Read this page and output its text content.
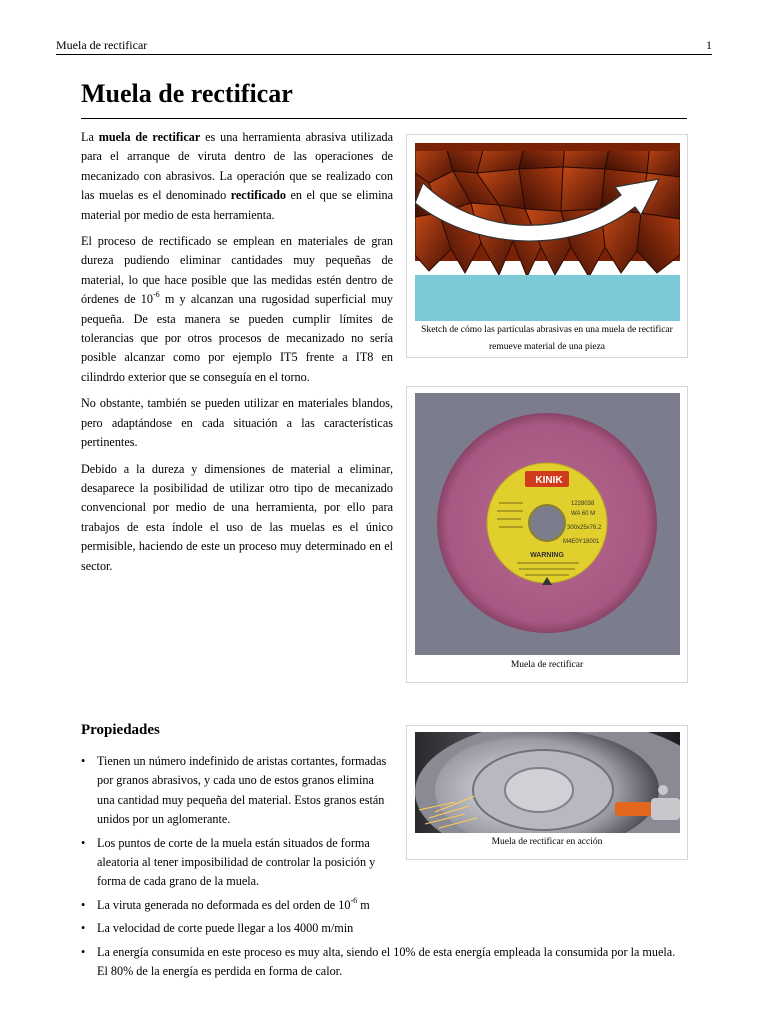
Muela de rectificar	1
Muela de rectificar

La muela de rectificar es una herramienta abrasiva utilizada para el arranque de viruta dentro de las operaciones de mecanizado con abrasivos. La operación que se realizado con las muelas es el denominado rectificado en el que se elimina material por medio de esta herramienta.

El proceso de rectificado se emplean en materiales de gran dureza pudiendo eliminar cantidades muy pequeñas de material, lo que hace posible que las medidas estén dentro de órdenes de $10^{-6}$ m y alcanzan una rugosidad superficial muy pequeña. De esta manera se pueden cumplir límites de tolerancias que por otros procesos de mecanizado no sería posible alcanzar como por ejemplo IT5 frente a IT8 en cilindrdo exterior que se conseguía en el torno.

No obstante, también se pueden utilizar en materiales blandos, pero adaptándose en cada situación a las características pertinentes.

Debido a la dureza y dimensiones de material a eliminar, desaparece la posibilidad de utilizar otro tipo de mecanizado convencional por medio de una herramienta, por ello para trabajos de esta índole el uso de las muelas es el único permisible, haciendo de este un proceso muy determinado en el sector.

Sketch de cómo las partículas abrasivas en una muela de rectificar remueve material de una pieza
KINIK
1228038
WA 60 M
300x25x76.2
M4E0Y18001
WARNING
Muela de rectificar
Muela de rectificar en acción
Propiedades
• Tienen un número indefinido de aristas cortantes, formadas por granos abrasivos, y cada uno de estos granos elimina una cantidad muy pequeña del material. Estos granos están unidos por un aglomerante.
• Los puntos de corte de la muela están situados de forma aleatoria al tener imposibilidad de controlar la posición y forma de cada grano de la muela.
• La viruta generada no deformada es del orden de $10^{-6}$ m
• La velocidad de corte puede llegar a los 4000 m/min
• La energía consumida en este proceso es muy alta, siendo el 10% de esta energía empleada la consumida por la muela. El 80% de la energía es perdida en forma de calor.
